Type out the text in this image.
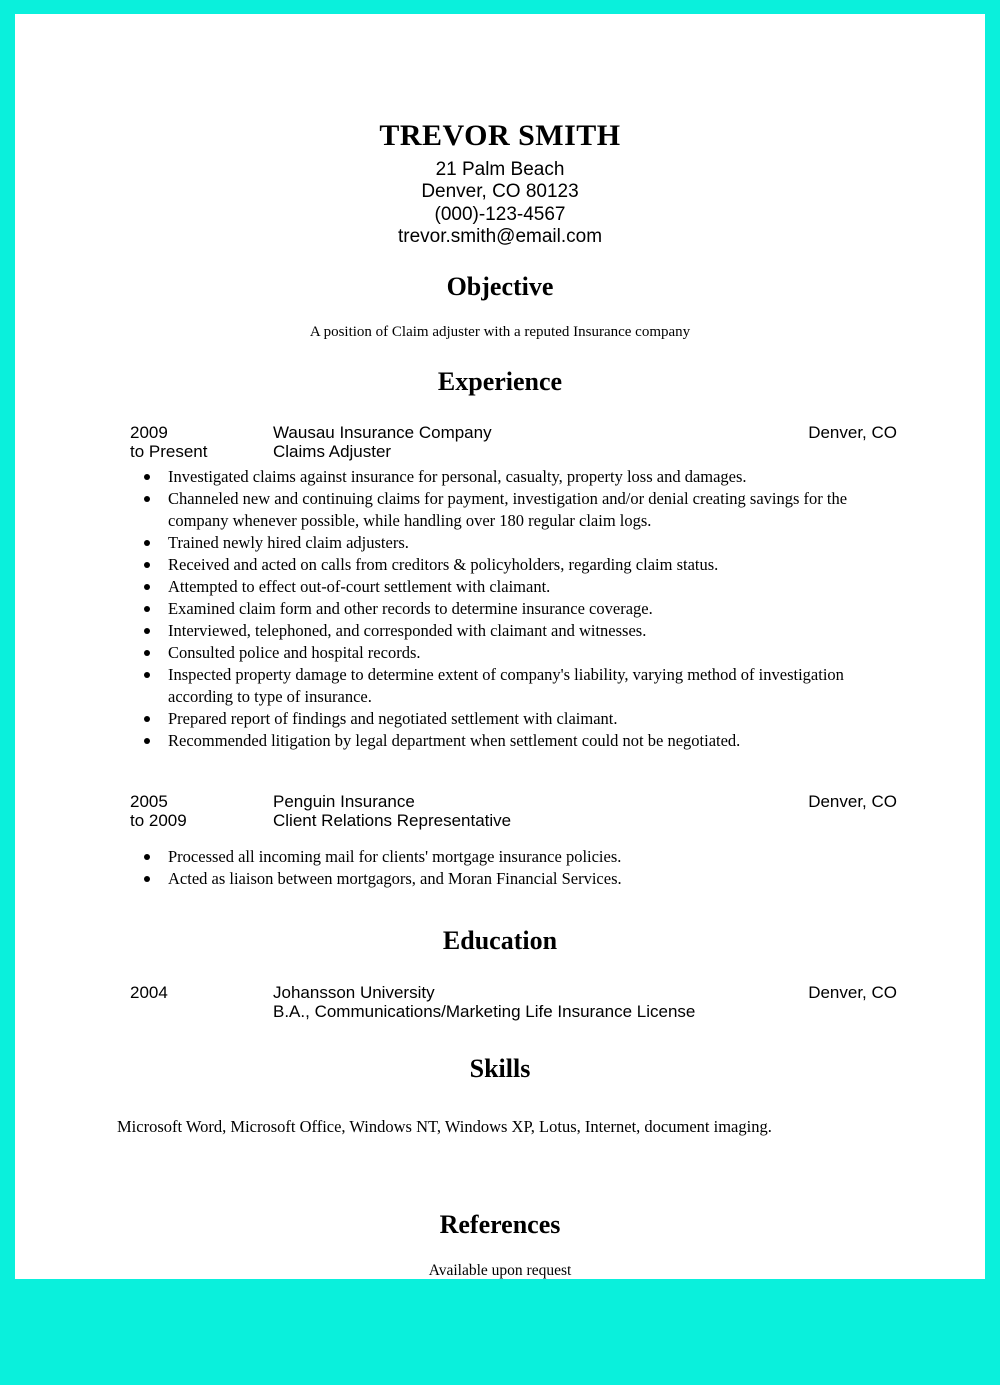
TREVOR SMITH
21 Palm Beach
Denver, CO 80123
(000)-123-4567
trevor.smith@email.com
Objective
A position of Claim adjuster with a reputed Insurance company
Experience
2009
to Present
Denver, CO
Wausau Insurance Company
Claims Adjuster
Investigated claims against insurance for personal, casualty, property loss and damages.
Channeled new and continuing claims for payment, investigation and/or denial creating savings for the company whenever possible, while handling over 180 regular claim logs.
Trained newly hired claim adjusters.
Received and acted on calls from creditors & policyholders, regarding claim status.
Attempted to effect out-of-court settlement with claimant.
Examined claim form and other records to determine insurance coverage.
Interviewed, telephoned, and corresponded with claimant and witnesses.
Consulted police and hospital records.
Inspected property damage to determine extent of company's liability, varying method of investigation according to type of insurance.
Prepared report of findings and negotiated settlement with claimant.
Recommended litigation by legal department when settlement could not be negotiated.
2005
to 2009
Denver, CO
Penguin Insurance
Client Relations Representative
Processed all incoming mail for clients' mortgage insurance policies.
Acted as liaison between mortgagors, and Moran Financial Services.
Education
2004	Denver, CO
Johansson University
B.A., Communications/Marketing Life Insurance License
Skills
Microsoft Word, Microsoft Office, Windows NT, Windows XP, Lotus, Internet, document imaging.
References
Available upon request
